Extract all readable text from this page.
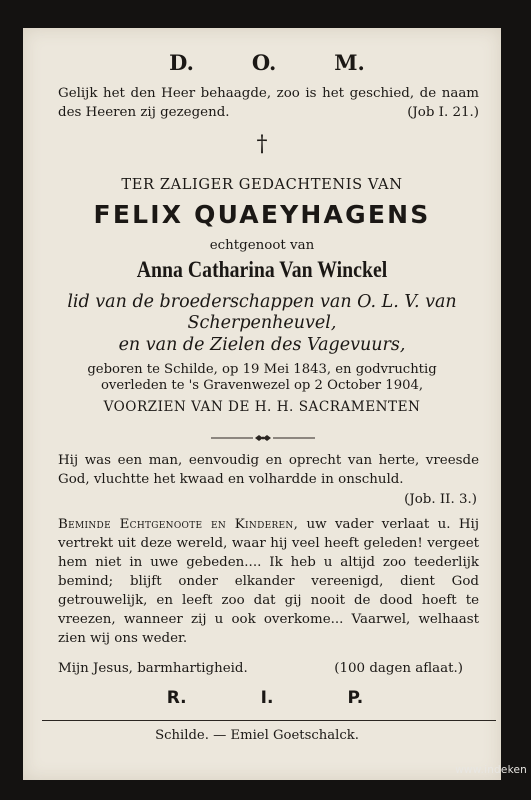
D.	O.	M.
Gelijk het den Heer behaagde, zoo is het geschied, de naam des Heeren zij gezegend.	(Job I. 21.)
†
TER ZALIGER GEDACHTENIS VAN
FELIX QUAEYHAGENS
echtgenoot van
Anna Catharina Van Winckel
lid van de broederschappen van O. L. V. van
Scherpenheuvel,
en van de Zielen des Vagevuurs,
geboren te Schilde, op 19 Mei 1843, en godvruchtig
overleden te 's Gravenwezel op 2 October 1904,
VOORZIEN VAN DE H. H. SACRAMENTEN
Hij was een man, eenvoudig en oprecht van herte, vreesde God, vluchtte het kwaad en volhardde in onschuld.
(Job. II. 3.)
Beminde Echtgenoote en Kinderen, uw vader verlaat u. Hij vertrekt uit deze wereld, waar hij veel heeft geleden! vergeet hem niet in uwe gebeden.... Ik heb u altijd zoo teederlijk bemind; blijft onder elkander vereenigd, dient God getrouwelijk, en leeft zoo dat gij nooit de dood hoeft te vreezen, wanneer zij u ook overkome... Vaarwel, welhaast zien wij ons weder.
Mijn Jesus, barmhartigheid.	(100 dagen aflaat.)
R.	I.	P.
Schilde. — Emiel Goetschalck.
www.indeken
